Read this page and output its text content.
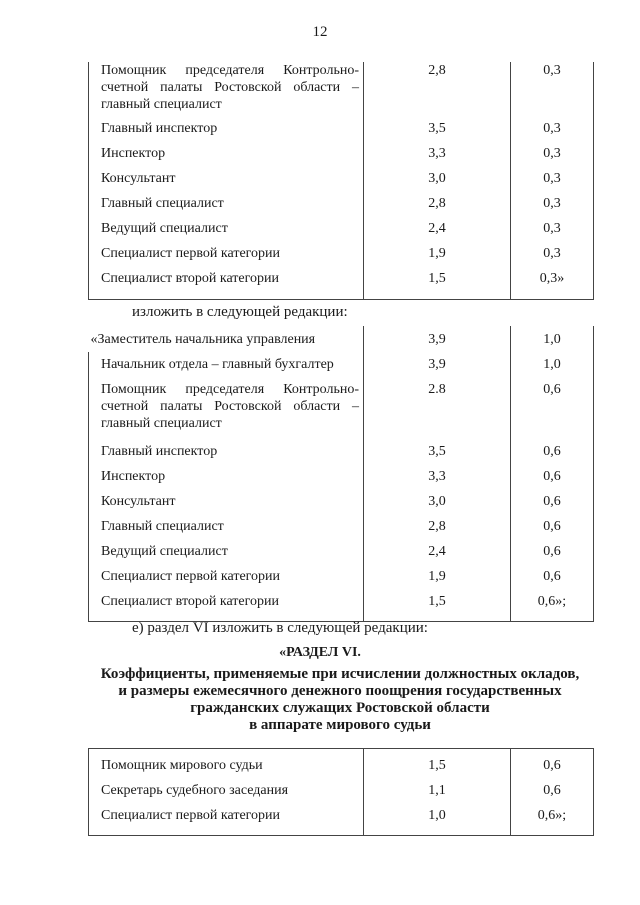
12
Помощник председателя Контрольно-счетной палаты Ростовской области – главный специалист	2,8	0,3

Главный инспектор	3,5	0,3

Инспектор	3,3	0,3

Консультант	3,0	0,3

Главный специалист	2,8	0,3

Ведущий специалист	2,4	0,3

Специалист первой категории	1,9	0,3

Специалист второй категории	1,5	0,3»
изложить в следующей редакции:
«Заместитель начальника управления	3,9	1,0

Начальник отдела – главный бухгалтер	3,9	1,0

Помощник председателя Контрольно-счетной палаты Ростовской области – главный специалист	2.8	0,6

Главный инспектор	3,5	0,6

Инспектор	3,3	0,6

Консультант	3,0	0,6

Главный специалист	2,8	0,6

Ведущий специалист	2,4	0,6

Специалист первой категории	1,9	0,6

Специалист второй категории	1,5	0,6»;
е) раздел VI изложить в следующей редакции:
«РАЗДЕЛ VI.
Коэффициенты, применяемые при исчислении должностных окладов,
и размеры ежемесячного денежного поощрения государственных
гражданских служащих Ростовской области
в аппарате мирового судьи
Помощник мирового судьи	1,5	0,6

Секретарь судебного заседания	1,1	0,6

Специалист первой категории	1,0	0,6»;
